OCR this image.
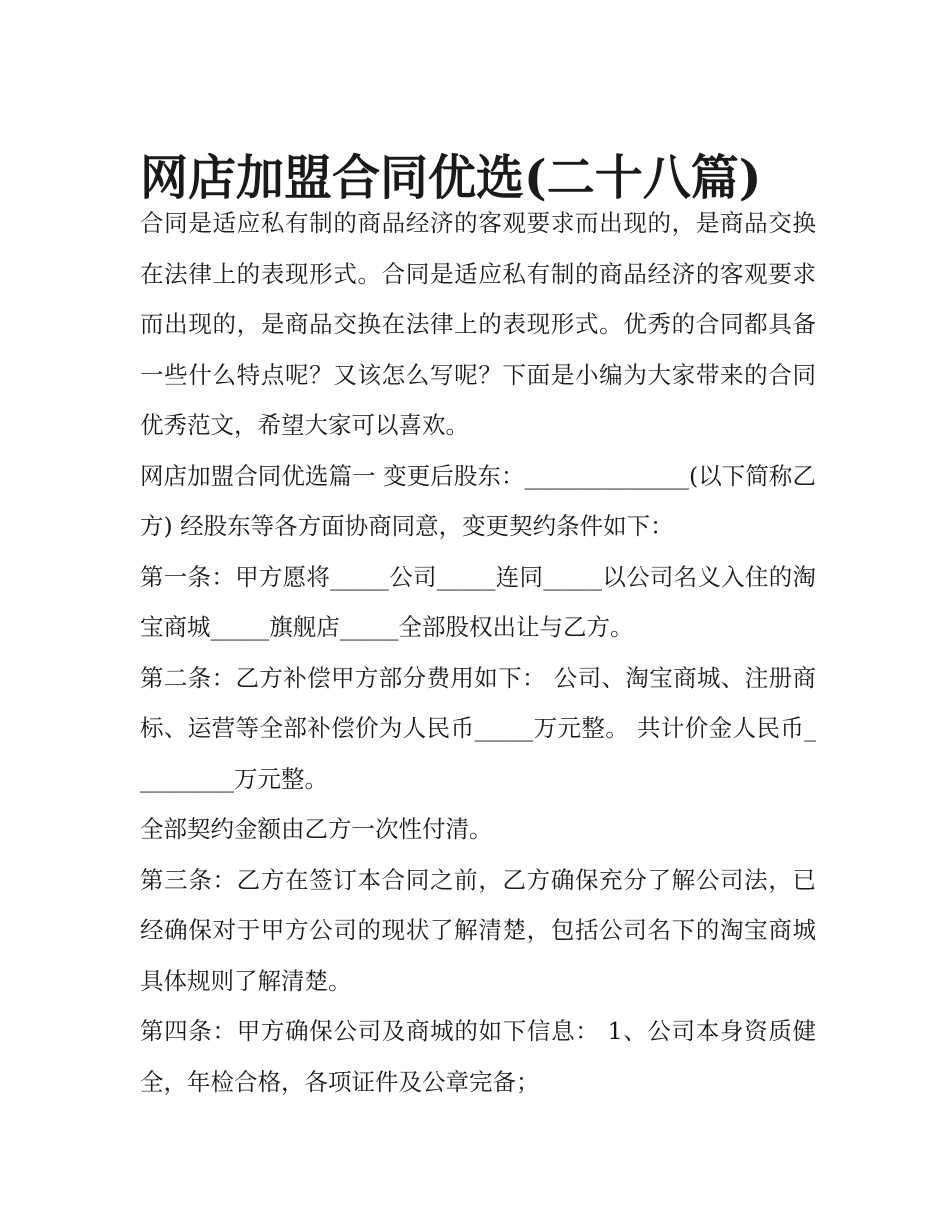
网店加盟合同优选(二十八篇)

合同是适应私有制的商品经济的客观要求而出现的，是商品交换在法律上的表现形式。合同是适应私有制的商品经济的客观要求而出现的，是商品交换在法律上的表现形式。优秀的合同都具备一些什么特点呢？又该怎么写呢？下面是小编为大家带来的合同优秀范文，希望大家可以喜欢。

网店加盟合同优选篇一 变更后股东：______________(以下简称乙方) 经股东等各方面协商同意，变更契约条件如下：

第一条：甲方愿将_____公司_____连同_____以公司名义入住的淘宝商城_____旗舰店_____全部股权出让与乙方。

第二条：乙方补偿甲方部分费用如下： 公司、淘宝商城、注册商标、运营等全部补偿价为人民币_____万元整。 共计价金人民币_________万元整。

全部契约金额由乙方一次性付清。

第三条：乙方在签订本合同之前，乙方确保充分了解公司法，已经确保对于甲方公司的现状了解清楚，包括公司名下的淘宝商城具体规则了解清楚。

第四条：甲方确保公司及商城的如下信息： 1、公司本身资质健全，年检合格，各项证件及公章完备；
